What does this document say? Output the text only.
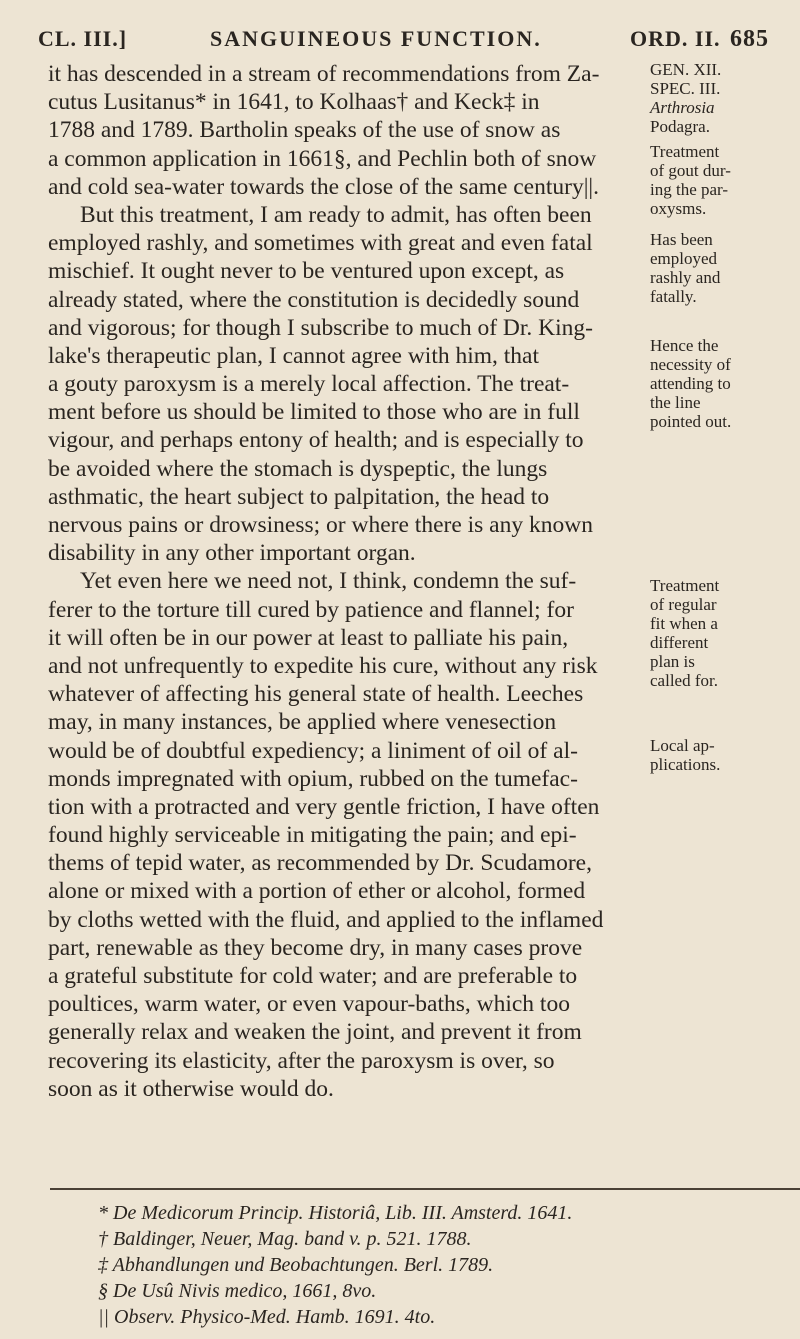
CL. III.]	SANGUINEOUS FUNCTION.	ORD. II. 685
it has descended in a stream of recommendations from Za-
cutus Lusitanus* in 1641, to Kolhaas† and Keck‡ in
1788 and 1789. Bartholin speaks of the use of snow as
a common application in 1661§, and Pechlin both of snow
and cold sea-water towards the close of the same century||.
But this treatment, I am ready to admit, has often been
employed rashly, and sometimes with great and even fatal
mischief. It ought never to be ventured upon except, as
already stated, where the constitution is decidedly sound
and vigorous; for though I subscribe to much of Dr. King-
lake's therapeutic plan, I cannot agree with him, that
a gouty paroxysm is a merely local affection. The treat-
ment before us should be limited to those who are in full
vigour, and perhaps entony of health; and is especially to
be avoided where the stomach is dyspeptic, the lungs
asthmatic, the heart subject to palpitation, the head to
nervous pains or drowsiness; or where there is any known
disability in any other important organ.
Yet even here we need not, I think, condemn the suf-
ferer to the torture till cured by patience and flannel; for
it will often be in our power at least to palliate his pain,
and not unfrequently to expedite his cure, without any risk
whatever of affecting his general state of health. Leeches
may, in many instances, be applied where venesection
would be of doubtful expediency; a liniment of oil of al-
monds impregnated with opium, rubbed on the tumefac-
tion with a protracted and very gentle friction, I have often
found highly serviceable in mitigating the pain; and epi-
thems of tepid water, as recommended by Dr. Scudamore,
alone or mixed with a portion of ether or alcohol, formed
by cloths wetted with the fluid, and applied to the inflamed
part, renewable as they become dry, in many cases prove
a grateful substitute for cold water; and are preferable to
poultices, warm water, or even vapour-baths, which too
generally relax and weaken the joint, and prevent it from
recovering its elasticity, after the paroxysm is over, so
soon as it otherwise would do.
GEN. XII.
SPEC. III.
Arthrosia
Podagra.
Treatment
of gout dur-
ing the par-
oxysms.
Has been
employed
rashly and
fatally.
Hence the
necessity of
attending to
the line
pointed out.
Treatment
of regular
fit when a
different
plan is
called for.
Local ap-
plications.
* De Medicorum Princip. Historiâ, Lib. III. Amsterd. 1641.
† Baldinger, Neuer, Mag. band v. p. 521. 1788.
‡ Abhandlungen und Beobachtungen. Berl. 1789.
§ De Usû Nivis medico, 1661, 8vo.
|| Observ. Physico-Med. Hamb. 1691. 4to.
